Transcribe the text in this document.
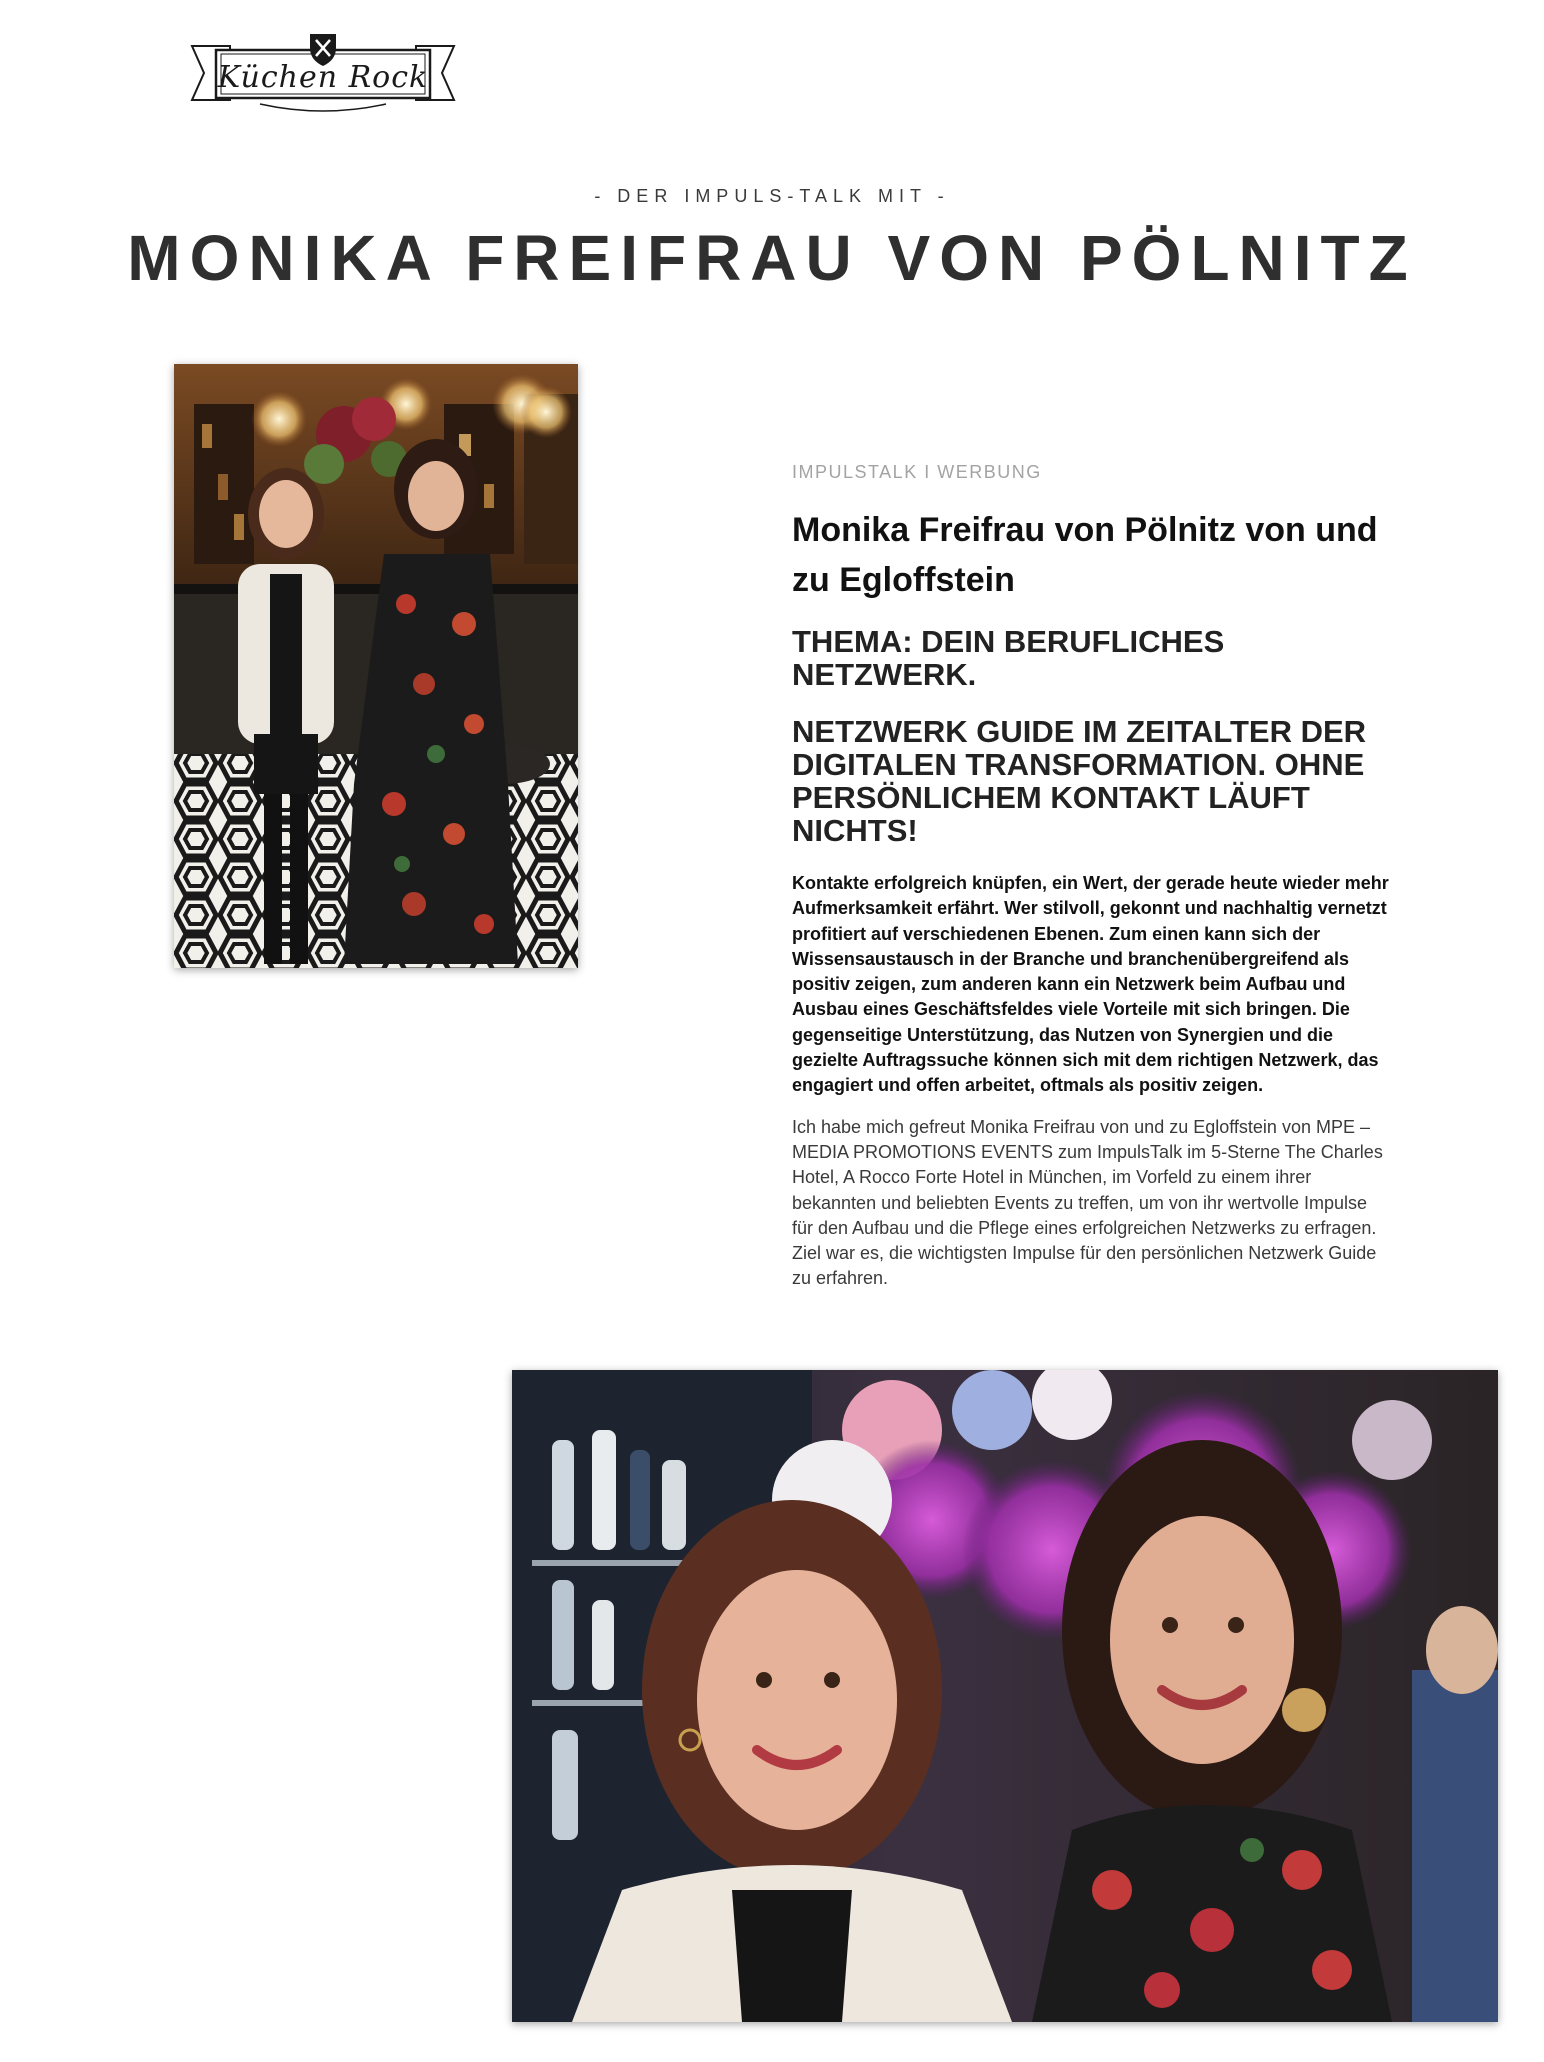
Küchen Rock
- DER IMPULS-TALK MIT -
MONIKA FREIFRAU VON PÖLNITZ
IMPULSTALK I WERBUNG
Monika Freifrau von Pölnitz von und zu Egloffstein
THEMA: DEIN BERUFLICHES NETZWERK.
NETZWERK GUIDE IM ZEITALTER DER DIGITALEN TRANSFORMATION. OHNE PERSÖNLICHEM KONTAKT LÄUFT NICHTS!

Kontakte erfolgreich knüpfen, ein Wert, der gerade heute wieder mehr Aufmerksamkeit erfährt. Wer stilvoll, gekonnt und nachhaltig vernetzt profitiert auf verschiedenen Ebenen. Zum einen kann sich der Wissensaustausch in der Branche und branchenübergreifend als positiv zeigen, zum anderen kann ein Netzwerk beim Aufbau und Ausbau eines Geschäftsfeldes viele Vorteile mit sich bringen. Die gegenseitige Unterstützung, das Nutzen von Synergien und die gezielte Auftragssuche können sich mit dem richtigen Netzwerk, das engagiert und offen arbeitet, oftmals als positiv zeigen.

Ich habe mich gefreut Monika Freifrau von und zu Egloffstein von MPE – MEDIA PROMOTIONS EVENTS zum ImpulsTalk im 5-Sterne The Charles Hotel, A Rocco Forte Hotel in München, im Vorfeld zu einem ihrer bekannten und beliebten Events zu treffen, um von ihr wertvolle Impulse für den Aufbau und die Pflege eines erfolgreichen Netzwerks zu erfragen. Ziel war es, die wichtigsten Impulse für den persönlichen Netzwerk Guide zu erfahren.
